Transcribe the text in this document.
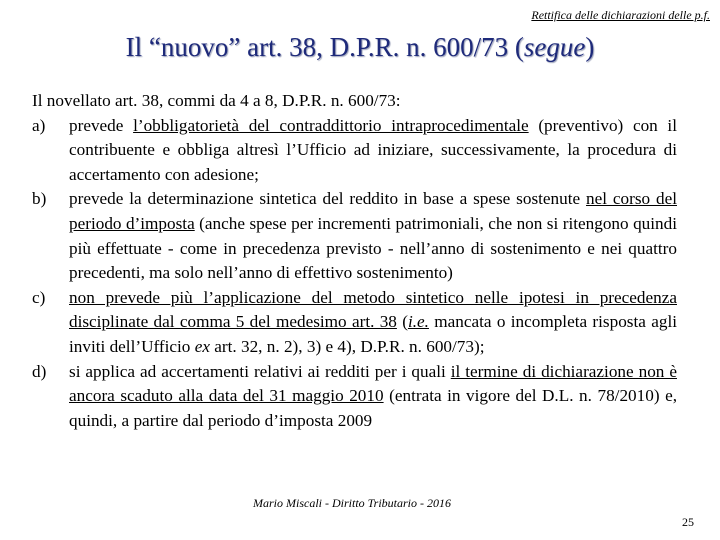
Rettifica delle dichiarazioni delle p.f.
Il “nuovo” art. 38, D.P.R. n. 600/73 (segue)

Il novellato art. 38, commi da 4 a 8, D.P.R. n. 600/73:

a) prevede l’obbligatorietà del contraddittorio intraprocedimentale (preventivo) con il contribuente e obbliga altresì l’Ufficio ad iniziare, successivamente, la procedura di accertamento con adesione;
b) prevede la determinazione sintetica del reddito in base a spese sostenute nel corso del periodo d’imposta (anche spese per incrementi patrimoniali, che non si ritengono quindi più effettuate - come in precedenza previsto - nell’anno di sostenimento e nei quattro precedenti, ma solo nell’anno di effettivo sostenimento)
c) non prevede più l’applicazione del metodo sintetico nelle ipotesi in precedenza disciplinate dal comma 5 del medesimo art. 38 (i.e. mancata o incompleta risposta agli inviti dell’Ufficio ex art. 32, n. 2), 3) e 4), D.P.R. n. 600/73);
d) si applica ad accertamenti relativi ai redditi per i quali il termine di dichiarazione non è ancora scaduto alla data del 31 maggio 2010 (entrata in vigore del D.L. n. 78/2010) e, quindi, a partire dal periodo d’imposta 2009
Mario Miscali - Diritto Tributario - 2016
25
